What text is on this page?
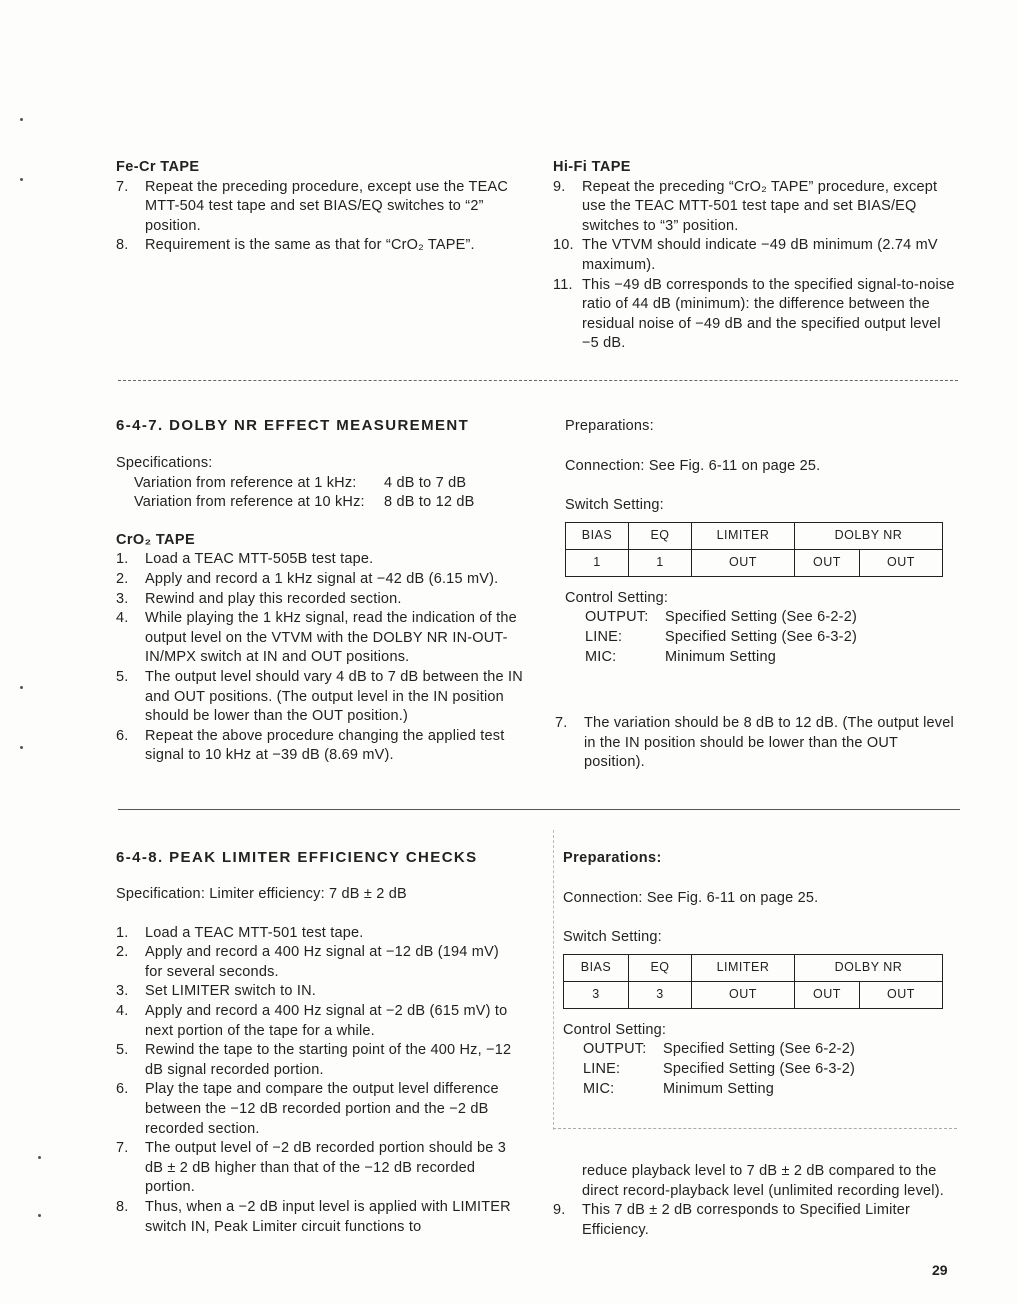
Fe-Cr TAPE
7. Repeat the preceding procedure, except use the TEAC MTT-504 test tape and set BIAS/EQ switches to “2” position.
8. Requirement is the same as that for “CrO₂ TAPE”.
Hi-Fi TAPE
9. Repeat the preceding “CrO₂ TAPE” procedure, except use the TEAC MTT-501 test tape and set BIAS/EQ switches to “3” position.
10. The VTVM should indicate −49 dB minimum (2.74 mV maximum).
11. This −49 dB corresponds to the specified signal-to-noise ratio of 44 dB (minimum): the difference between the residual noise of −49 dB and the specified output level −5 dB.
6-4-7. DOLBY NR EFFECT MEASUREMENT
Specifications:
Variation from reference at 1 kHz:	4 dB to 7 dB
Variation from reference at 10 kHz:	8 dB to 12 dB
CrO₂ TAPE
1. Load a TEAC MTT-505B test tape.
2. Apply and record a 1 kHz signal at −42 dB (6.15 mV).
3. Rewind and play this recorded section.
4. While playing the 1 kHz signal, read the indication of the output level on the VTVM with the DOLBY NR IN-OUT-IN/MPX switch at IN and OUT positions.
5. The output level should vary 4 dB to 7 dB between the IN and OUT positions. (The output level in the IN position should be lower than the OUT position.)
6. Repeat the above procedure changing the applied test signal to 10 kHz at −39 dB (8.69 mV).
Preparations:
Connection: See Fig. 6-11 on page 25.
Switch Setting:
BIAS	EQ	LIMITER	DOLBY NR	
1	1	OUT	OUT	OUT
Control Setting:
OUTPUT:	Specified Setting (See 6-2-2)
LINE:	Specified Setting (See 6-3-2)
MIC:	Minimum Setting
7. The variation should be 8 dB to 12 dB. (The output level in the IN position should be lower than the OUT position).
6-4-8. PEAK LIMITER EFFICIENCY CHECKS
Specification: Limiter efficiency: 7 dB ± 2 dB
1. Load a TEAC MTT-501 test tape.
2. Apply and record a 400 Hz signal at −12 dB (194 mV) for several seconds.
3. Set LIMITER switch to IN.
4. Apply and record a 400 Hz signal at −2 dB (615 mV) to next portion of the tape for a while.
5. Rewind the tape to the starting point of the 400 Hz, −12 dB signal recorded portion.
6. Play the tape and compare the output level difference between the −12 dB recorded portion and the −2 dB recorded section.
7. The output level of −2 dB recorded portion should be 3 dB ± 2 dB higher than that of the −12 dB recorded portion.
8. Thus, when a −2 dB input level is applied with LIMITER switch IN, Peak Limiter circuit functions to
Preparations:
Connection: See Fig. 6-11 on page 25.
Switch Setting:
BIAS	EQ	LIMITER	DOLBY NR	
3	3	OUT	OUT	OUT
Control Setting:
OUTPUT:	Specified Setting (See 6-2-2)
LINE:	Specified Setting (See 6-3-2)
MIC:	Minimum Setting
reduce playback level to 7 dB ± 2 dB compared to the direct record-playback level (unlimited recording level).
9. This 7 dB ± 2 dB corresponds to Specified Limiter Efficiency.
29
